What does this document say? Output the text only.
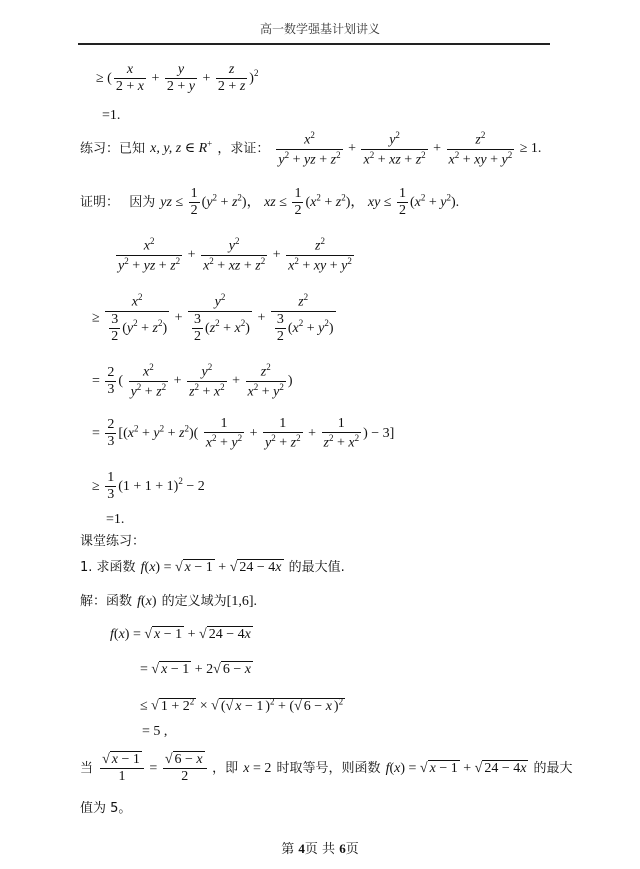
高一数学强基计划讲义
≥ ( $\frac{x}{2 + x} + \frac{y}{2 + y} + \frac{z}{2 + z} )^2$
=1.
练习：已知 x, y, z ∈ R+ ，求证： $\frac{x^2}{y^2 + yz + z^2} + \frac{y^2}{x^2 + xz + z^2} + \frac{z^2}{x^2 + xy + y^2} \ge 1$.
证明： 因为 yz ≤ $\frac{1}{2} (y^2 + z^2)$， xz ≤ $\frac{1}{2} (x^2 + z^2)$， xy ≤ $\frac{1}{2} (x^2 + y^2)$.
$\frac{x^2}{y^2 + yz + z^2} + \frac{y^2}{x^2 + xz + z^2} + \frac{z^2}{x^2 + xy + y^2}$
≥ $\frac{x^2}{\frac{3}{2} (y^2 + z^2)} + \frac{y^2}{\frac{3}{2} (z^2 + x^2)} + \frac{z^2}{\frac{3}{2} (x^2 + y^2)}$
= $\frac{2}{3}$ ( $\frac{x^2}{y^2 + z^2} + \frac{y^2}{z^2 + x^2} + \frac{z^2}{x^2 + y^2}$ )
= $\frac{2}{3} [(x^2 + y^2 + z^2)( \frac{1}{x^2 + y^2} + \frac{1}{y^2 + z^2} + \frac{1}{z^2 + x^2}$ ) − 3]
≥ $\frac{1}{3} (1 + 1 + 1)^2 - 2$
=1.
课堂练习：
1. 求函数 f(x) = √ x − 1 + √ 24 − 4x 的最大值.
解：函数 f(x) 的定义域为[1,6].
f(x) = √ x − 1 + √ 24 − 4x
= √ x − 1 + 2√ 6 − x
≤ √ $1 + 2^2$ × √ (√ x − 1 )$^2$ + (√ 6 − x )$^2$
= 5 ,
当 $\frac{√ x - 1}{1} = \frac{√ 6 - x}{2}$ ，即 x = 2 时取等号，则函数 f(x) = √ x − 1 + √ 24 − 4x 的最大
值为 5。
第 4页 共 6页
